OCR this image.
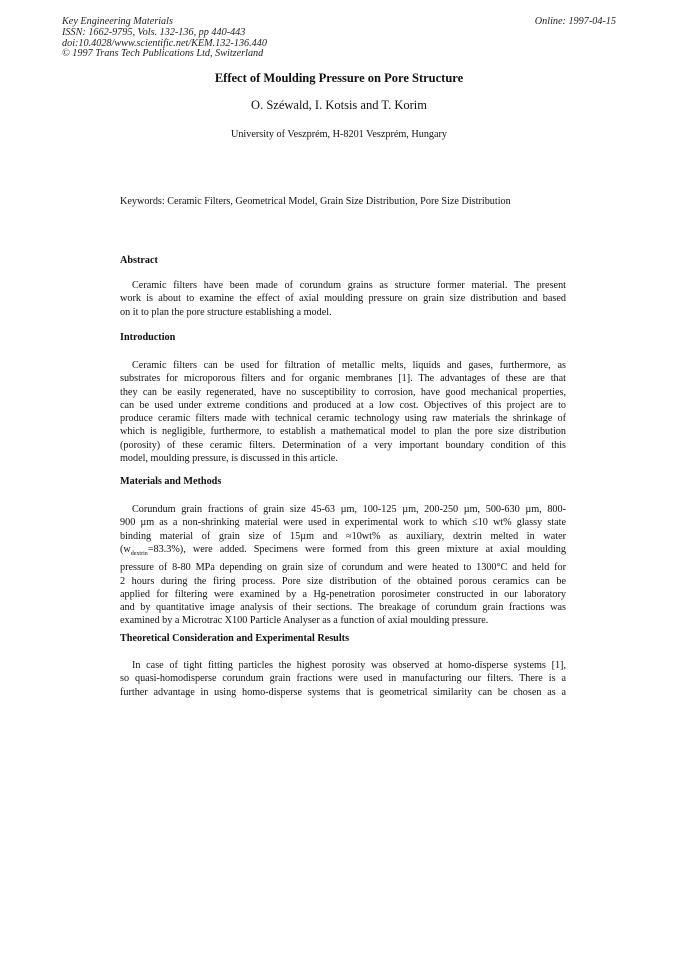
Key Engineering Materials
ISSN: 1662-9795, Vols. 132-136, pp 440-443
doi:10.4028/www.scientific.net/KEM.132-136.440
© 1997 Trans Tech Publications Ltd, Switzerland
Online: 1997-04-15
Effect of Moulding Pressure on Pore Structure
O. Széwald, I. Kotsis and T. Korim
University of Veszprém, H-8201 Veszprém, Hungary
Keywords: Ceramic Filters, Geometrical Model, Grain Size Distribution, Pore Size Distribution
Abstract
Ceramic filters have been made of corundum grains as structure former material. The present
work is about to examine the effect of axial moulding pressure on grain size distribution and based
on it to plan the pore structure establishing a model.
Introduction
Ceramic filters can be used for filtration of metallic melts, liquids and gases, furthermore, as
substrates for microporous filters and for organic membranes [1]. The advantages of these are that
they can be easily regenerated, have no susceptibility to corrosion, have good mechanical properties,
can be used under extreme conditions and produced at a low cost. Objectives of this project are to
produce ceramic filters made with technical ceramic technology using raw materials the shrinkage of
which is negligible, furthermore, to establish a mathematical model to plan the pore size distribution
(porosity) of these ceramic filters. Determination of a very important boundary condition of this
model, moulding pressure, is discussed in this article.
Materials and Methods
Corundum grain fractions of grain size 45-63 µm, 100-125 µm, 200-250 µm, 500-630 µm, 800-
900 µm as a non-shrinking material were used in experimental work to which ≤10 wt% glassy state
binding material of grain size of 15µm and ≈10wt% as auxiliary, dextrin melted in water
$(w_{dextrin}=83.3\%)$, were added. Specimens were formed from this green mixture at axial moulding
pressure of 8-80 MPa depending on grain size of corundum and were heated to 1300°C and held for
2 hours during the firing process. Pore size distribution of the obtained porous ceramics can be
applied for filtering were examined by a Hg-penetration porosimeter constructed in our laboratory
and by quantitative image analysis of their sections. The breakage of corundum grain fractions was
examined by a Microtrac X100 Particle Analyser as a function of axial moulding pressure.
Theoretical Consideration and Experimental Results
In case of tight fitting particles the highest porosity was observed at homo-disperse systems [1],
so quasi-homodisperse corundum grain fractions were used in manufacturing our filters. There is a
further advantage in using homo-disperse systems that is geometrical similarity can be chosen as a
